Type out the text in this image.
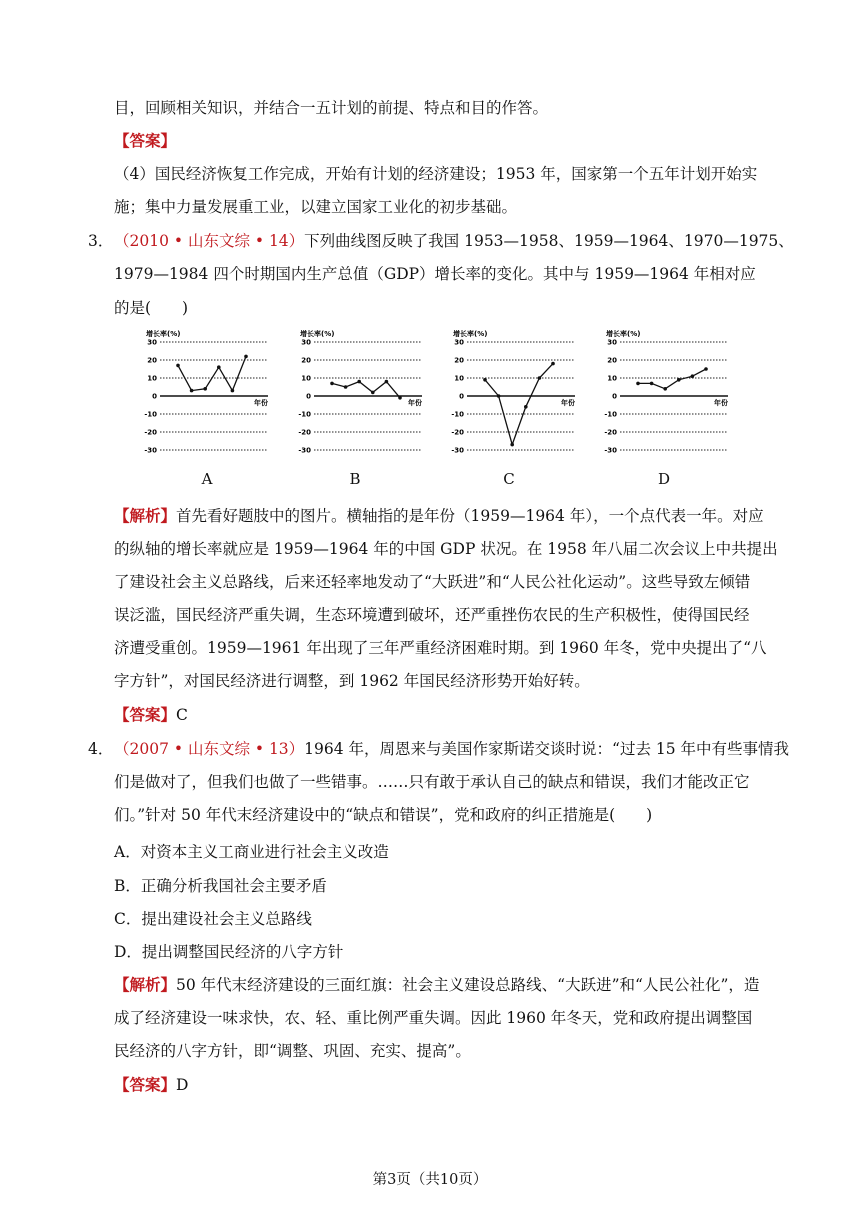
目，回顾相关知识，并结合一五计划的前提、特点和目的作答。
【答案】
（4）国民经济恢复工作完成，开始有计划的经济建设；1953 年，国家第一个五年计划开始实
施；集中力量发展重工业，以建立国家工业化的初步基础。
3． （2010 • 山东文综 • 14）下列曲线图反映了我国 1953—1958、1959—1964、1970—1975、
1979—1984 四个时期国内生产总值（GDP）增长率的变化。其中与 1959—1964 年相对应
的是(　　)
增长率(%)
30
20
10
0
-10
-20
-30
年份
增长率(%)
30
20
10
0
-10
-20
-30
年份
增长率(%)
30
20
10
0
-10
-20
-30
年份
增长率(%)
30
20
10
0
-10
-20
-30
年份
A	B	C	D
【解析】首先看好题肢中的图片。横轴指的是年份（1959—1964 年），一个点代表一年。对应
的纵轴的增长率就应是 1959—1964 年的中国 GDP 状况。在 1958 年八届二次会议上中共提出
了建设社会主义总路线，后来还轻率地发动了“大跃进”和“人民公社化运动”。这些导致左倾错
误泛滥，国民经济严重失调，生态环境遭到破坏，还严重挫伤农民的生产积极性，使得国民经
济遭受重创。1959—1961 年出现了三年严重经济困难时期。到 1960 年冬，党中央提出了“八
字方针”，对国民经济进行调整，到 1962 年国民经济形势开始好转。
【答案】C
4． （2007 • 山东文综 • 13）1964 年，周恩来与美国作家斯诺交谈时说：“过去 15 年中有些事情我
们是做对了，但我们也做了一些错事。……只有敢于承认自己的缺点和错误，我们才能改正它
们。”针对 50 年代末经济建设中的“缺点和错误”，党和政府的纠正措施是(　　)
A．对资本主义工商业进行社会主义改造
B．正确分析我国社会主要矛盾
C．提出建设社会主义总路线
D．提出调整国民经济的八字方针
【解析】50 年代末经济建设的三面红旗：社会主义建设总路线、“大跃进”和“人民公社化”，造
成了经济建设一味求快，农、轻、重比例严重失调。因此 1960 年冬天，党和政府提出调整国
民经济的八字方针，即“调整、巩固、充实、提高”。
【答案】D
第3页（共10页）
